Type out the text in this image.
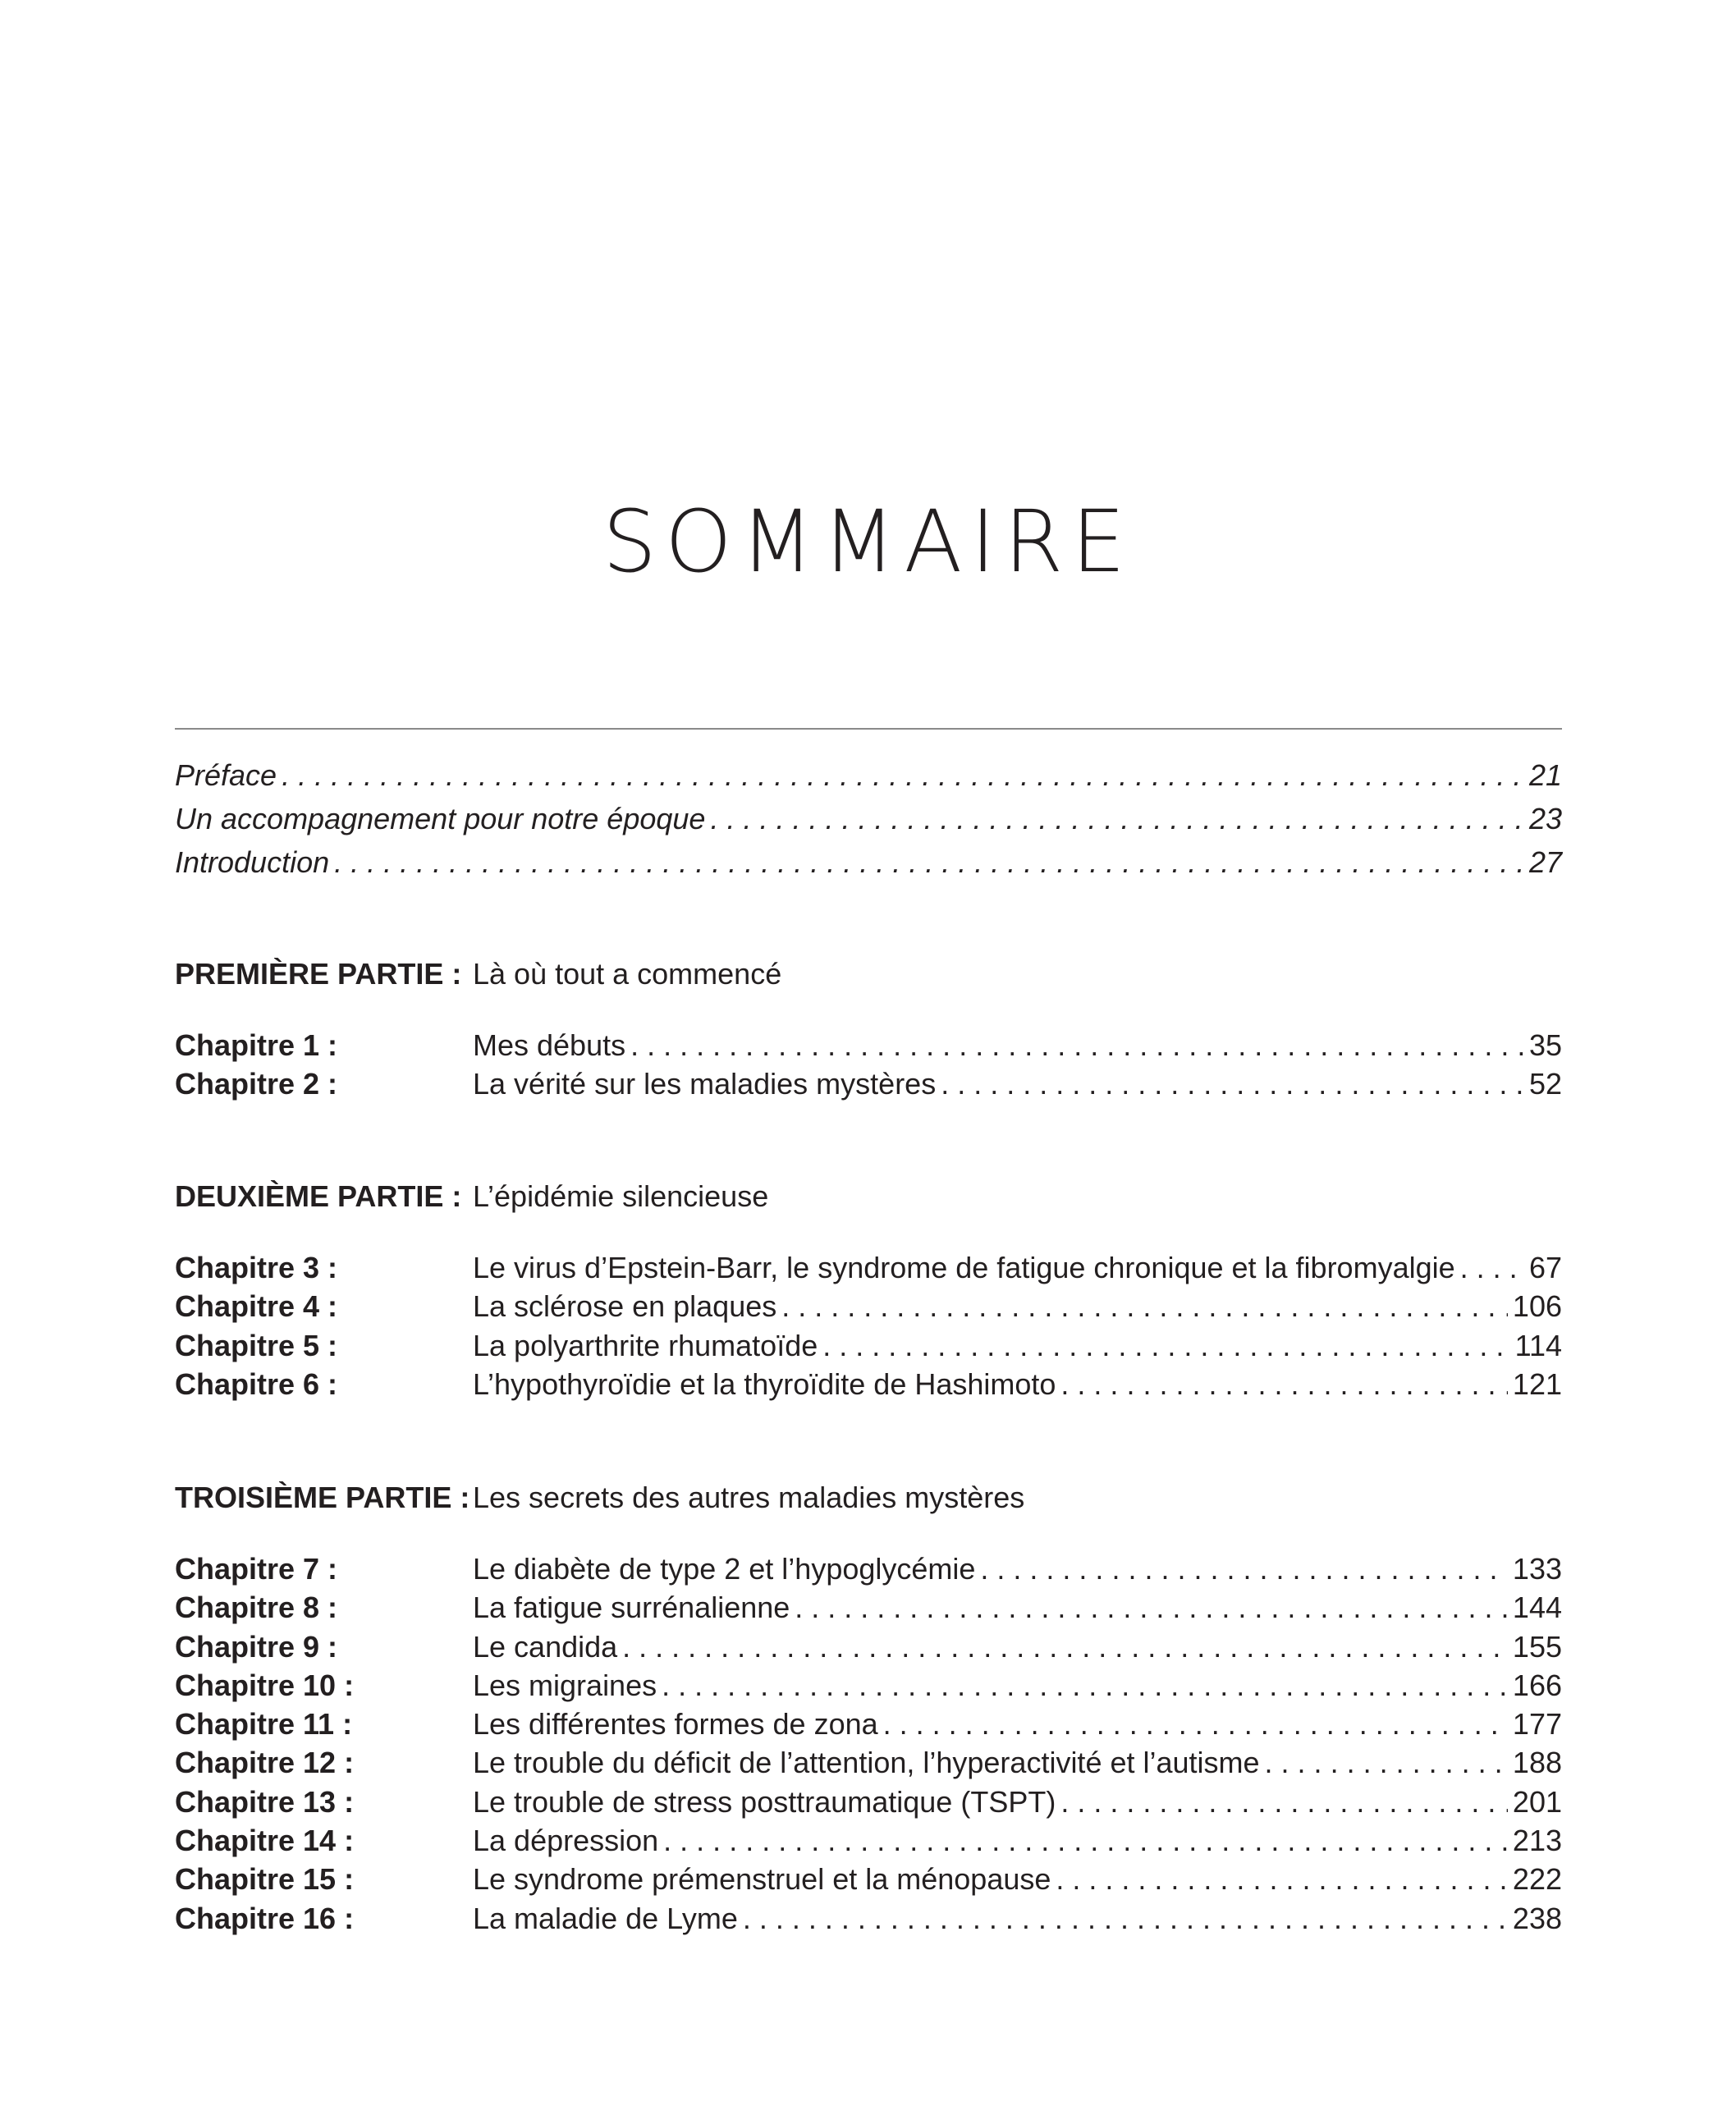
SOMMAIRE
Préface . . .	21
Un accompagnement pour notre époque . . .	23
Introduction . . .	27
PREMIÈRE PARTIE : Là où tout a commencé
Chapitre 1 :	Mes débuts . . .	35
Chapitre 2 :	La vérité sur les maladies mystères . . .	52
DEUXIÈME PARTIE : L’épidémie silencieuse
Chapitre 3 :	Le virus d’Epstein-Barr, le syndrome de fatigue chronique et la fibromyalgie . . .	67
Chapitre 4 :	La sclérose en plaques . . .	106
Chapitre 5 :	La polyarthrite rhumatoïde . . .	114
Chapitre 6 :	L’hypothyroïdie et la thyroïdite de Hashimoto . . .	121
TROISIÈME PARTIE : Les secrets des autres maladies mystères
Chapitre 7 :	Le diabète de type 2 et l’hypoglycémie . . .	133
Chapitre 8 :	La fatigue surrénalienne . . .	144
Chapitre 9 :	Le candida . . .	155
Chapitre 10 :	Les migraines . . .	166
Chapitre 11 :	Les différentes formes de zona . . .	177
Chapitre 12 :	Le trouble du déficit de l’attention, l’hyperactivité et l’autisme . . .	188
Chapitre 13 :	Le trouble de stress posttraumatique (TSPT) . . .	201
Chapitre 14 :	La dépression . . .	213
Chapitre 15 :	Le syndrome prémenstruel et la ménopause . . .	222
Chapitre 16 :	La maladie de Lyme . . .	238
